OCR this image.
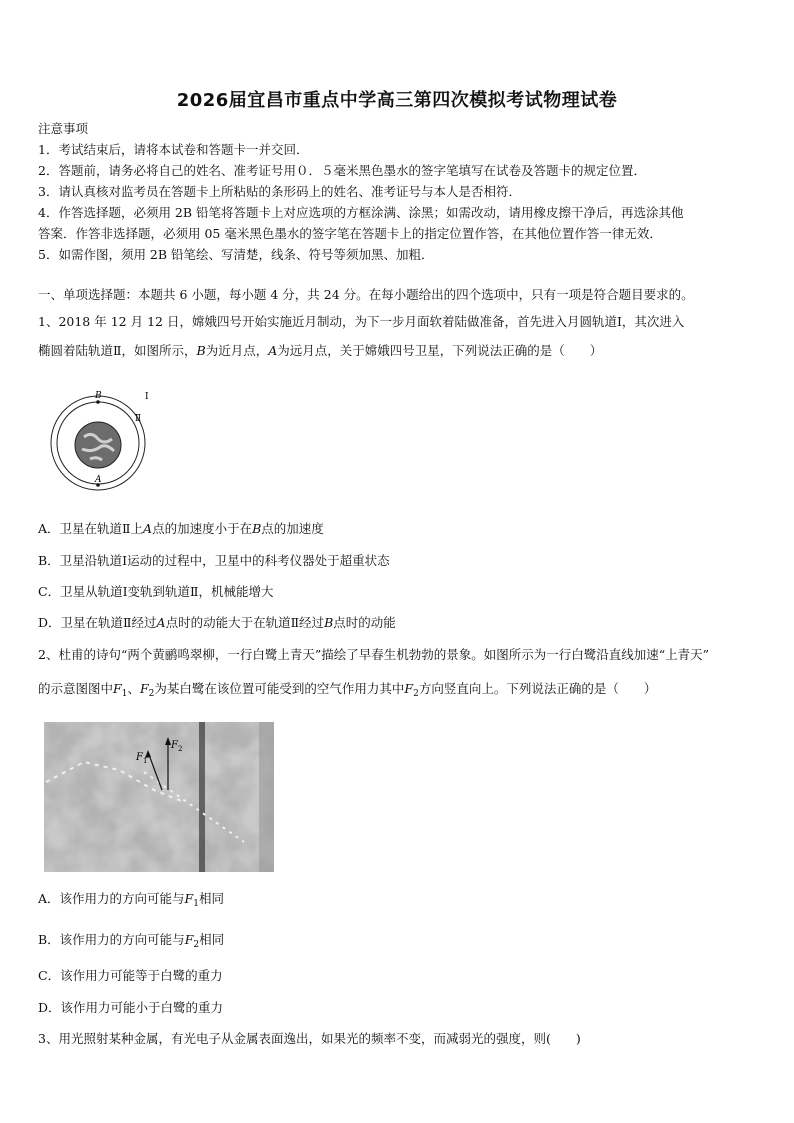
2026届宜昌市重点中学高三第四次模拟考试物理试卷
注意事项
1．考试结束后，请将本试卷和答题卡一并交回．
2．答题前，请务必将自己的姓名、准考证号用０．５毫米黑色墨水的签字笔填写在试卷及答题卡的规定位置．
3．请认真核对监考员在答题卡上所粘贴的条形码上的姓名、准考证号与本人是否相符．
4．作答选择题，必须用 2B 铅笔将答题卡上对应选项的方框涂满、涂黑；如需改动，请用橡皮擦干净后，再选涂其他
答案．作答非选择题，必须用 05 毫米黑色墨水的签字笔在答题卡上的指定位置作答，在其他位置作答一律无效．
5．如需作图，须用 2B 铅笔绘、写清楚，线条、符号等须加黑、加粗．
一、单项选择题：本题共 6 小题，每小题 4 分，共 24 分。在每小题给出的四个选项中，只有一项是符合题目要求的。
1、2018 年 12 月 12 日，嫦娥四号开始实施近月制动，为下一步月面软着陆做准备，首先进入月圆轨道Ⅰ，其次进入
椭圆着陆轨道Ⅱ，如图所示，B为近月点，A为远月点，关于嫦娥四号卫星，下列说法正确的是（　　）
B
A
Ⅰ
Ⅱ
A．卫星在轨道Ⅱ上A点的加速度小于在B点的加速度
B．卫星沿轨道Ⅰ运动的过程中，卫星中的科考仪器处于超重状态
C．卫星从轨道Ⅰ变轨到轨道Ⅱ，机械能增大
D．卫星在轨道Ⅱ经过A点时的动能大于在轨道Ⅱ经过B点时的动能
2、杜甫的诗句“两个黄鹂鸣翠柳，一行白鹭上青天”描绘了早春生机勃勃的景象。如图所示为一行白鹭沿直线加速“上青天”
的示意图图中$F_1$、$F_2$为某白鹭在该位置可能受到的空气作用力其中$F_2$方向竖直向上。下列说法正确的是（　　）
F 1
F 2
A．该作用力的方向可能与$F_1$相同
B．该作用力的方向可能与$F_2$相同
C．该作用力可能等于白鹭的重力
D．该作用力可能小于白鹭的重力
3、用光照射某种金属，有光电子从金属表面逸出，如果光的频率不变，而减弱光的强度，则(　　)
